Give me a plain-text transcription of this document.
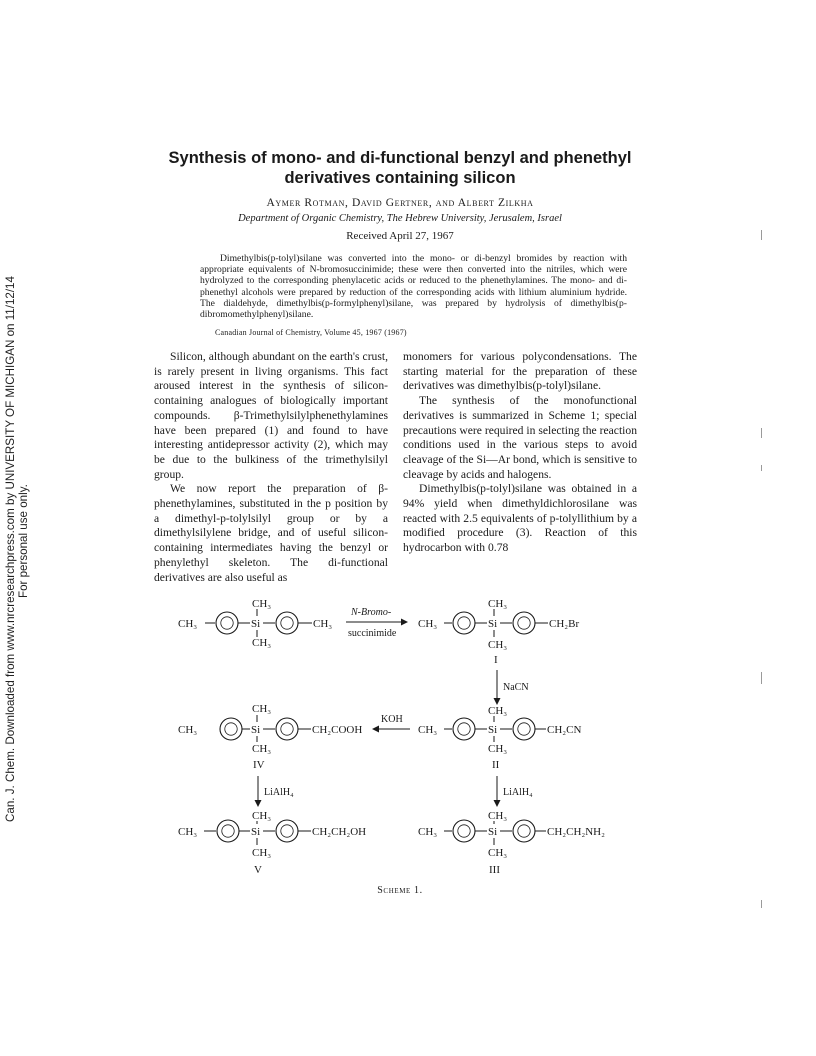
Can. J. Chem. Downloaded from www.nrcresearchpress.com by UNIVERSITY OF MICHIGAN on 11/12/14 For personal use only.
Synthesis of mono- and di-functional benzyl and phenethyl
derivatives containing silicon
Aymer Rotman, David Gertner, and Albert Zilkha
Department of Organic Chemistry, The Hebrew University, Jerusalem, Israel
Received April 27, 1967

Dimethylbis(p-tolyl)silane was converted into the mono- or di-benzyl bromides by reaction with appropriate equivalents of N-bromosuccinimide; these were then converted into the nitriles, which were hydrolyzed to the corresponding phenylacetic acids or reduced to the phenethylamines. The mono- and di-phenethyl alcohols were prepared by reduction of the corresponding acids with lithium aluminium hydride. The dialdehyde, dimethylbis(p-formylphenyl)silane, was prepared by hydrolysis of dimethylbis(p-dibromomethylphenyl)silane.

Canadian Journal of Chemistry, Volume 45, 1967 (1967)

Silicon, although abundant on the earth's crust, is rarely present in living organisms. This fact aroused interest in the synthesis of silicon-containing analogues of biologically important compounds. β-Trimethylsilylphenethylamines have been prepared (1) and found to have interesting antidepressor activity (2), which may be due to the bulkiness of the trimethylsilyl group.

We now report the preparation of β-phenethylamines, substituted in the p position by a dimethyl-p-tolylsilyl group or by a dimethylsilylene bridge, and of useful silicon-containing intermediates having the benzyl or phenylethyl skeleton. The di-functional derivatives are also useful as

monomers for various polycondensations. The starting material for the preparation of these derivatives was dimethylbis(p-tolyl)silane.

The synthesis of the monofunctional derivatives is summarized in Scheme 1; special precautions were required in selecting the reaction conditions used in the various steps to avoid cleavage of the Si—Ar bond, which is sensitive to cleavage by acids and halogens.

Dimethylbis(p-tolyl)silane was obtained in a 94% yield when dimethyldichlorosilane was reacted with 2.5 equivalents of p-tolyllithium by a modified procedure (3). Reaction of this hydrocarbon with 0.78

CH₃	Si	CH₃
CH₃
CH₃
N-Bromo-
succinimide
CH₃	Si	CH₂Br
CH₃
CH₃
I
NaCN
CH₃	Si	CH₂CN
CH₃
CH₃
II
KOH
CH₃	Si	CH₂COOH
CH₃
CH₃
IV
LiAlH₄	LiAlH₄
CH₃	Si	CH₂CH₂OH
CH₃
CH₃
V
CH₃	Si	CH₂CH₂NH₂
CH₃
CH₃
III
Scheme 1.
